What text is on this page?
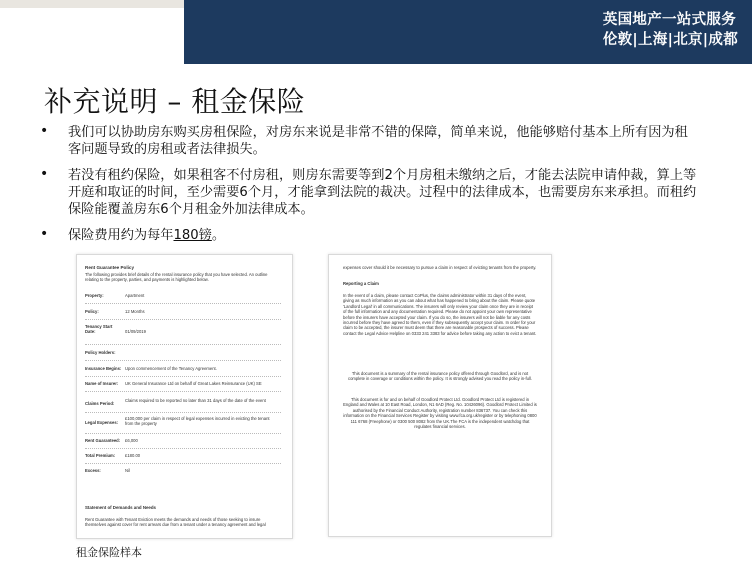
英国地产一站式服务
伦敦|上海|北京|成都
补充说明 – 租金保险
• 我们可以协助房东购买房租保险，对房东来说是非常不错的保障，简单来说，他能够赔付基本上所有因为租客问题导致的房租或者法律损失。
• 若没有租约保险，如果租客不付房租，则房东需要等到2个月房租未缴纳之后，才能去法院申请仲裁，算上等开庭和取证的时间，至少需要6个月，才能拿到法院的裁决。过程中的法律成本，也需要房东来承担。而租约保险能覆盖房东6个月租金外加法律成本。
• 保险费用约为每年180镑。
Rent Guarantee Policy
The following provides brief details of the rental insurance policy that you have selected. An outline relating to the property, parties, and payments is highlighted below.
Property:	Apartment
Policy:	12 Months
Tenancy Start Date:	01/09/2019
Policy Holders:
Insurance Begins: Upon commencement of the Tenancy Agreement.
Name of Insurer:	UK General Insurance Ltd on behalf of Great Lakes Reinsurance (UK) SE
Claims Period:
Claims required to be reported no later than 31 days of the date of the event
Legal Expenses:
£100,000 per claim in respect of legal expenses incurred in evicting the tenant from the property
Rent Guaranteed:	£6,000
Total Premium:	£180.00
Excess:	Nil
Statement of Demands and Needs
Rent Guarantee with Tenant Eviction meets the demands and needs of those seeking to insure themselves against cover for rent arrears due from a tenant under a tenancy agreement and legal
expenses cover should it be necessary to pursue a claim in respect of evicting tenants from the property.
Reporting a Claim
In the event of a claim, please contact CoPlus, the claims administrator within 31 days of the event, giving as much information as you can about what has happened to bring about the claim. Please quote 'Landlord Legal' in all communications. The insurers will only review your claim once they are in receipt of the full information and any documentation required. Please do not appoint your own representative before the insurers have accepted your claim. If you do so, the insurers will not be liable for any costs incurred before they have agreed to them, even if they subsequently accept your claim. In order for your claim to be accepted, the insurer must deem that there are reasonable prospects of success. Please contact the Legal Advice Helpline on 0333 241 3383 for advice before taking any action to evict a tenant.
This document is a summary of the rental insurance policy offered through Goodlord, and is not complete in coverage or conditions within the policy. It is strongly advised you read the policy in-full.
This document is for and on behalf of Goodlord Protect Ltd. Goodlord Protect Ltd is registered in England and Wales at 10 East Road, London, N1 6AD (Reg. No. 10426096). Goodlord Protect Limited is authorised by the Financial Conduct Authority, registration number 836737. You can check this information on the Financial Services Register by visiting www.fca.org.uk/register or by telephoning 0800 111 6768 (Freephone) or 0300 500 8082 from the UK.The FCA is the independent watchdog that regulates financial services.
租金保险样本
